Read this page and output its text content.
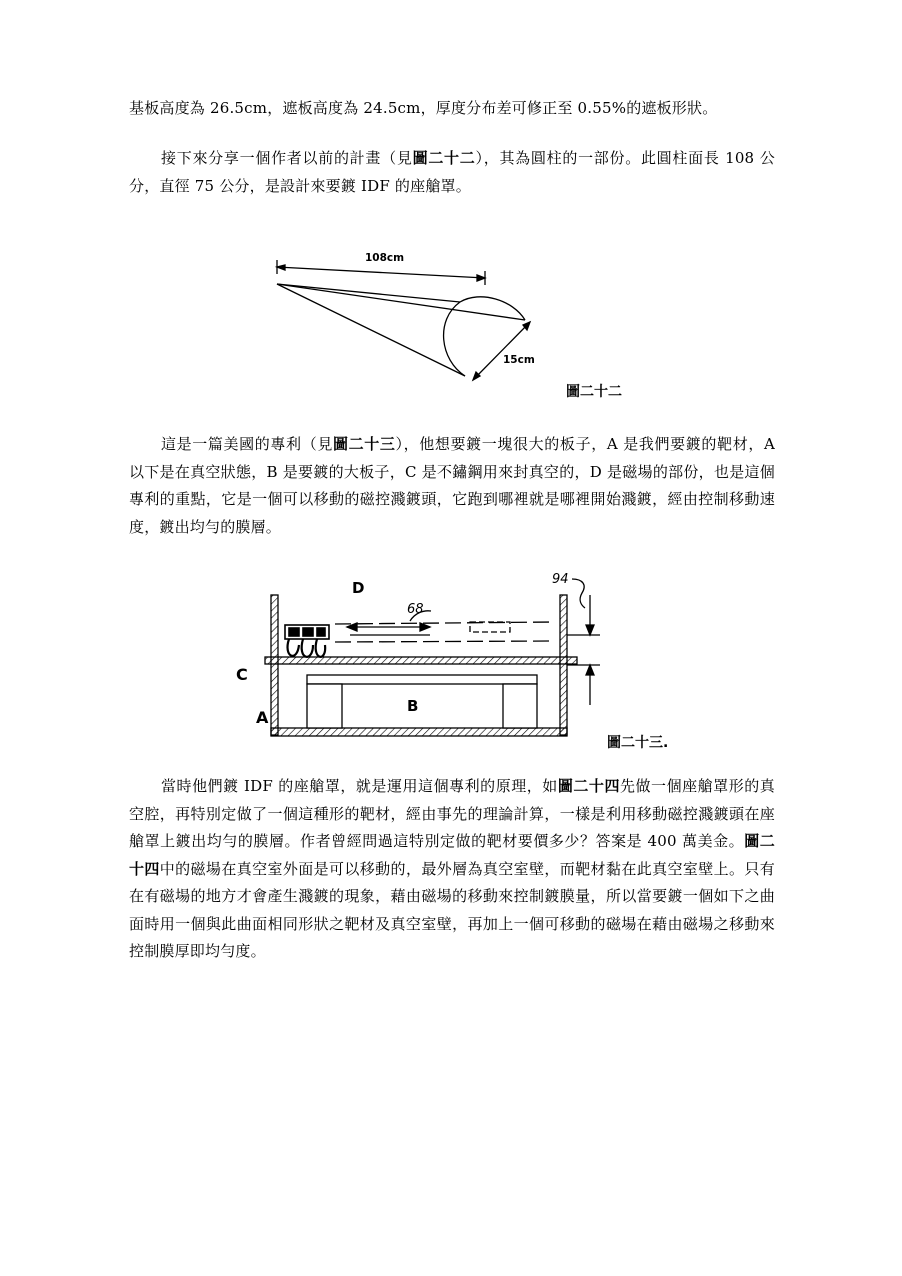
基板高度為 26.5cm，遮板高度為 24.5cm，厚度分布差可修正至 0.55%的遮板形狀。

接下來分享一個作者以前的計畫（見圖二十二），其為圓柱的一部份。此圓柱面長 108 公分，直徑 75 公分，是設計來要鍍 IDF 的座艙罩。

108cm
15cm
圖二十二

這是一篇美國的專利（見圖二十三），他想要鍍一塊很大的板子，A 是我們要鍍的靶材，A 以下是在真空狀態，B 是要鍍的大板子，C 是不鏽鋼用來封真空的，D 是磁場的部份，也是這個專利的重點，它是一個可以移動的磁控濺鍍頭，它跑到哪裡就是哪裡開始濺鍍，經由控制移動速度，鍍出均勻的膜層。

D
68
94
C
B
A
圖二十三.

當時他們鍍 IDF 的座艙罩，就是運用這個專利的原理，如圖二十四先做一個座艙罩形的真空腔，再特別定做了一個這種形的靶材，經由事先的理論計算，一樣是利用移動磁控濺鍍頭在座艙罩上鍍出均勻的膜層。作者曾經問過這特別定做的靶材要價多少？答案是 400 萬美金。圖二十四中的磁場在真空室外面是可以移動的，最外層為真空室壁，而靶材黏在此真空室壁上。只有在有磁場的地方才會產生濺鍍的現象，藉由磁場的移動來控制鍍膜量，所以當要鍍一個如下之曲面時用一個與此曲面相同形狀之靶材及真空室壁，再加上一個可移動的磁場在藉由磁場之移動來控制膜厚即均勻度。
